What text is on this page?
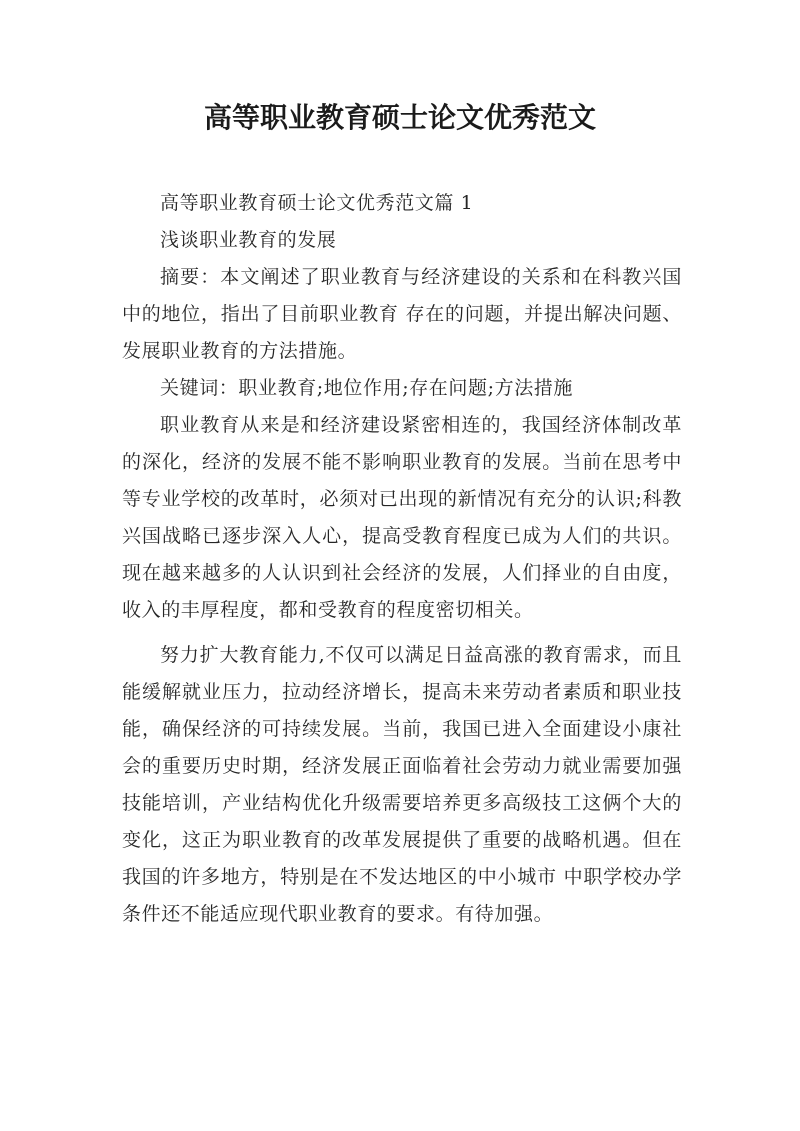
高等职业教育硕士论文优秀范文

高等职业教育硕士论文优秀范文篇 1

浅谈职业教育的发展

摘要：本文阐述了职业教育与经济建设的关系和在科教兴国中的地位，指出了目前职业教育 存在的问题，并提出解决问题、发展职业教育的方法措施。

关键词：职业教育;地位作用;存在问题;方法措施

职业教育从来是和经济建设紧密相连的，我国经济体制改革的深化，经济的发展不能不影响职业教育的发展。当前在思考中等专业学校的改革时，必须对已出现的新情况有充分的认识;科教兴国战略已逐步深入人心，提高受教育程度已成为人们的共识。现在越来越多的人认识到社会经济的发展，人们择业的自由度，收入的丰厚程度，都和受教育的程度密切相关。

努力扩大教育能力,不仅可以满足日益高涨的教育需求，而且能缓解就业压力，拉动经济增长，提高未来劳动者素质和职业技能，确保经济的可持续发展。当前，我国已进入全面建设小康社会的重要历史时期，经济发展正面临着社会劳动力就业需要加强技能培训，产业结构优化升级需要培养更多高级技工这俩个大的变化，这正为职业教育的改革发展提供了重要的战略机遇。但在我国的许多地方，特别是在不发达地区的中小城市 中职学校办学条件还不能适应现代职业教育的要求。有待加强。
